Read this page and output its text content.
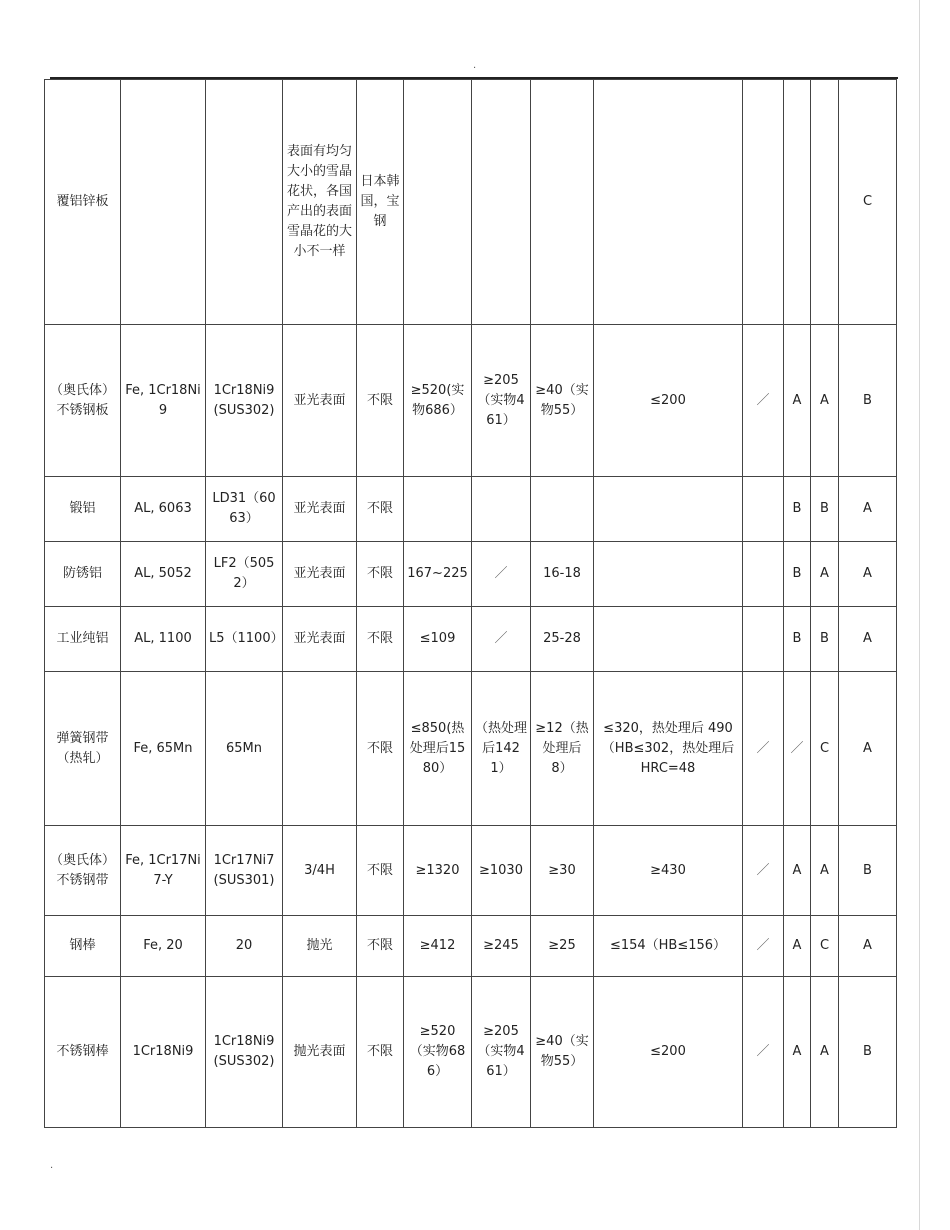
.
覆铝锌板			表面有均匀大小的雪晶花状，各国产出的表面雪晶花的大小不一样	日本韩国，宝钢								C
（奥氏体）不锈钢板	Fe, 1Cr18Ni9	1Cr18Ni9(SUS302)	亚光表面	不限	≥520(实物686）	≥205（实物461）	≥40（实物55）	≤200	／	A	A	B
锻铝	AL, 6063	LD31（6063）	亚光表面	不限						B	B	A
防锈铝	AL, 5052	LF2（5052）	亚光表面	不限	167~225	／	16-18			B	A	A
工业纯铝	AL, 1100	L5（1100）	亚光表面	不限	≤109	／	25-28			B	B	A
弹簧钢带（热轧）	Fe, 65Mn	65Mn		不限	≤850(热处理后1580）	（热处理后1421）	≥12（热处理后 8）	≤320，热处理后 490（HB≤302，热处理后 HRC=48	／	／	C	A
（奥氏体）不锈钢带	Fe, 1Cr17Ni7-Y	1Cr17Ni7(SUS301)	3/4H	不限	≥1320	≥1030	≥30	≥430	／	A	A	B
钢棒	Fe, 20	20	抛光	不限	≥412	≥245	≥25	≤154（HB≤156）	／	A	C	A
不锈钢棒	1Cr18Ni9	1Cr18Ni9(SUS302)	抛光表面	不限	≥520（实物686）	≥205（实物461）	≥40（实物55）	≤200	／	A	A	B
.
